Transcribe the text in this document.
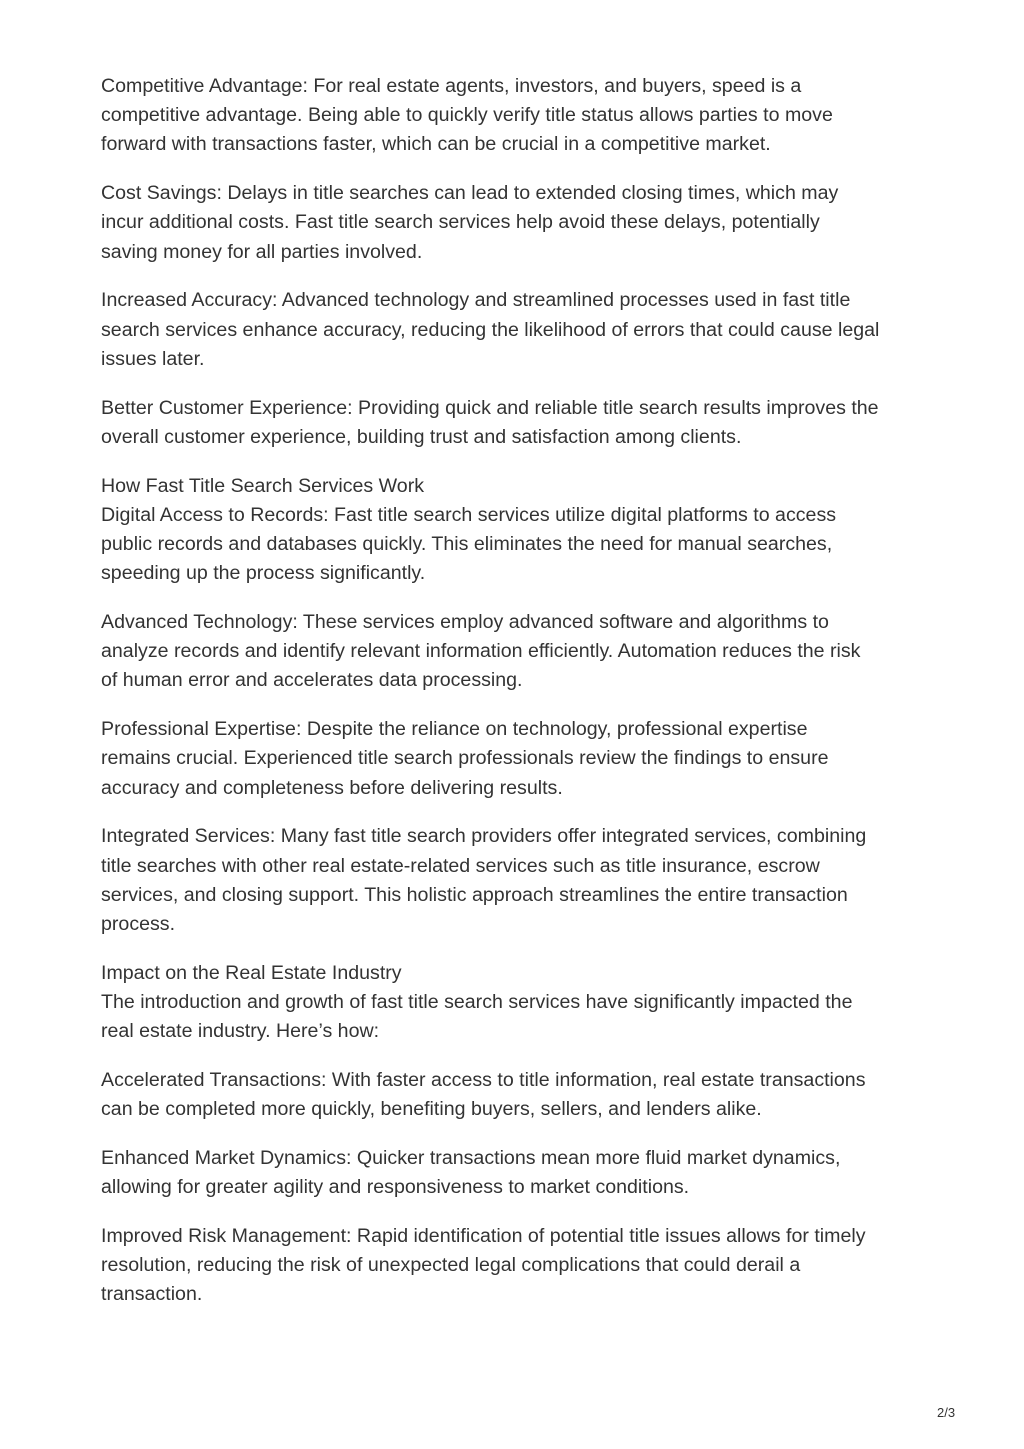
Competitive Advantage: For real estate agents, investors, and buyers, speed is a
competitive advantage. Being able to quickly verify title status allows parties to move
forward with transactions faster, which can be crucial in a competitive market.

Cost Savings: Delays in title searches can lead to extended closing times, which may
incur additional costs. Fast title search services help avoid these delays, potentially
saving money for all parties involved.

Increased Accuracy: Advanced technology and streamlined processes used in fast title
search services enhance accuracy, reducing the likelihood of errors that could cause legal
issues later.

Better Customer Experience: Providing quick and reliable title search results improves the
overall customer experience, building trust and satisfaction among clients.

How Fast Title Search Services Work
Digital Access to Records: Fast title search services utilize digital platforms to access
public records and databases quickly. This eliminates the need for manual searches,
speeding up the process significantly.

Advanced Technology: These services employ advanced software and algorithms to
analyze records and identify relevant information efficiently. Automation reduces the risk
of human error and accelerates data processing.

Professional Expertise: Despite the reliance on technology, professional expertise
remains crucial. Experienced title search professionals review the findings to ensure
accuracy and completeness before delivering results.

Integrated Services: Many fast title search providers offer integrated services, combining
title searches with other real estate-related services such as title insurance, escrow
services, and closing support. This holistic approach streamlines the entire transaction
process.

Impact on the Real Estate Industry
The introduction and growth of fast title search services have significantly impacted the
real estate industry. Here’s how:

Accelerated Transactions: With faster access to title information, real estate transactions
can be completed more quickly, benefiting buyers, sellers, and lenders alike.

Enhanced Market Dynamics: Quicker transactions mean more fluid market dynamics,
allowing for greater agility and responsiveness to market conditions.

Improved Risk Management: Rapid identification of potential title issues allows for timely
resolution, reducing the risk of unexpected legal complications that could derail a
transaction.

2/3
